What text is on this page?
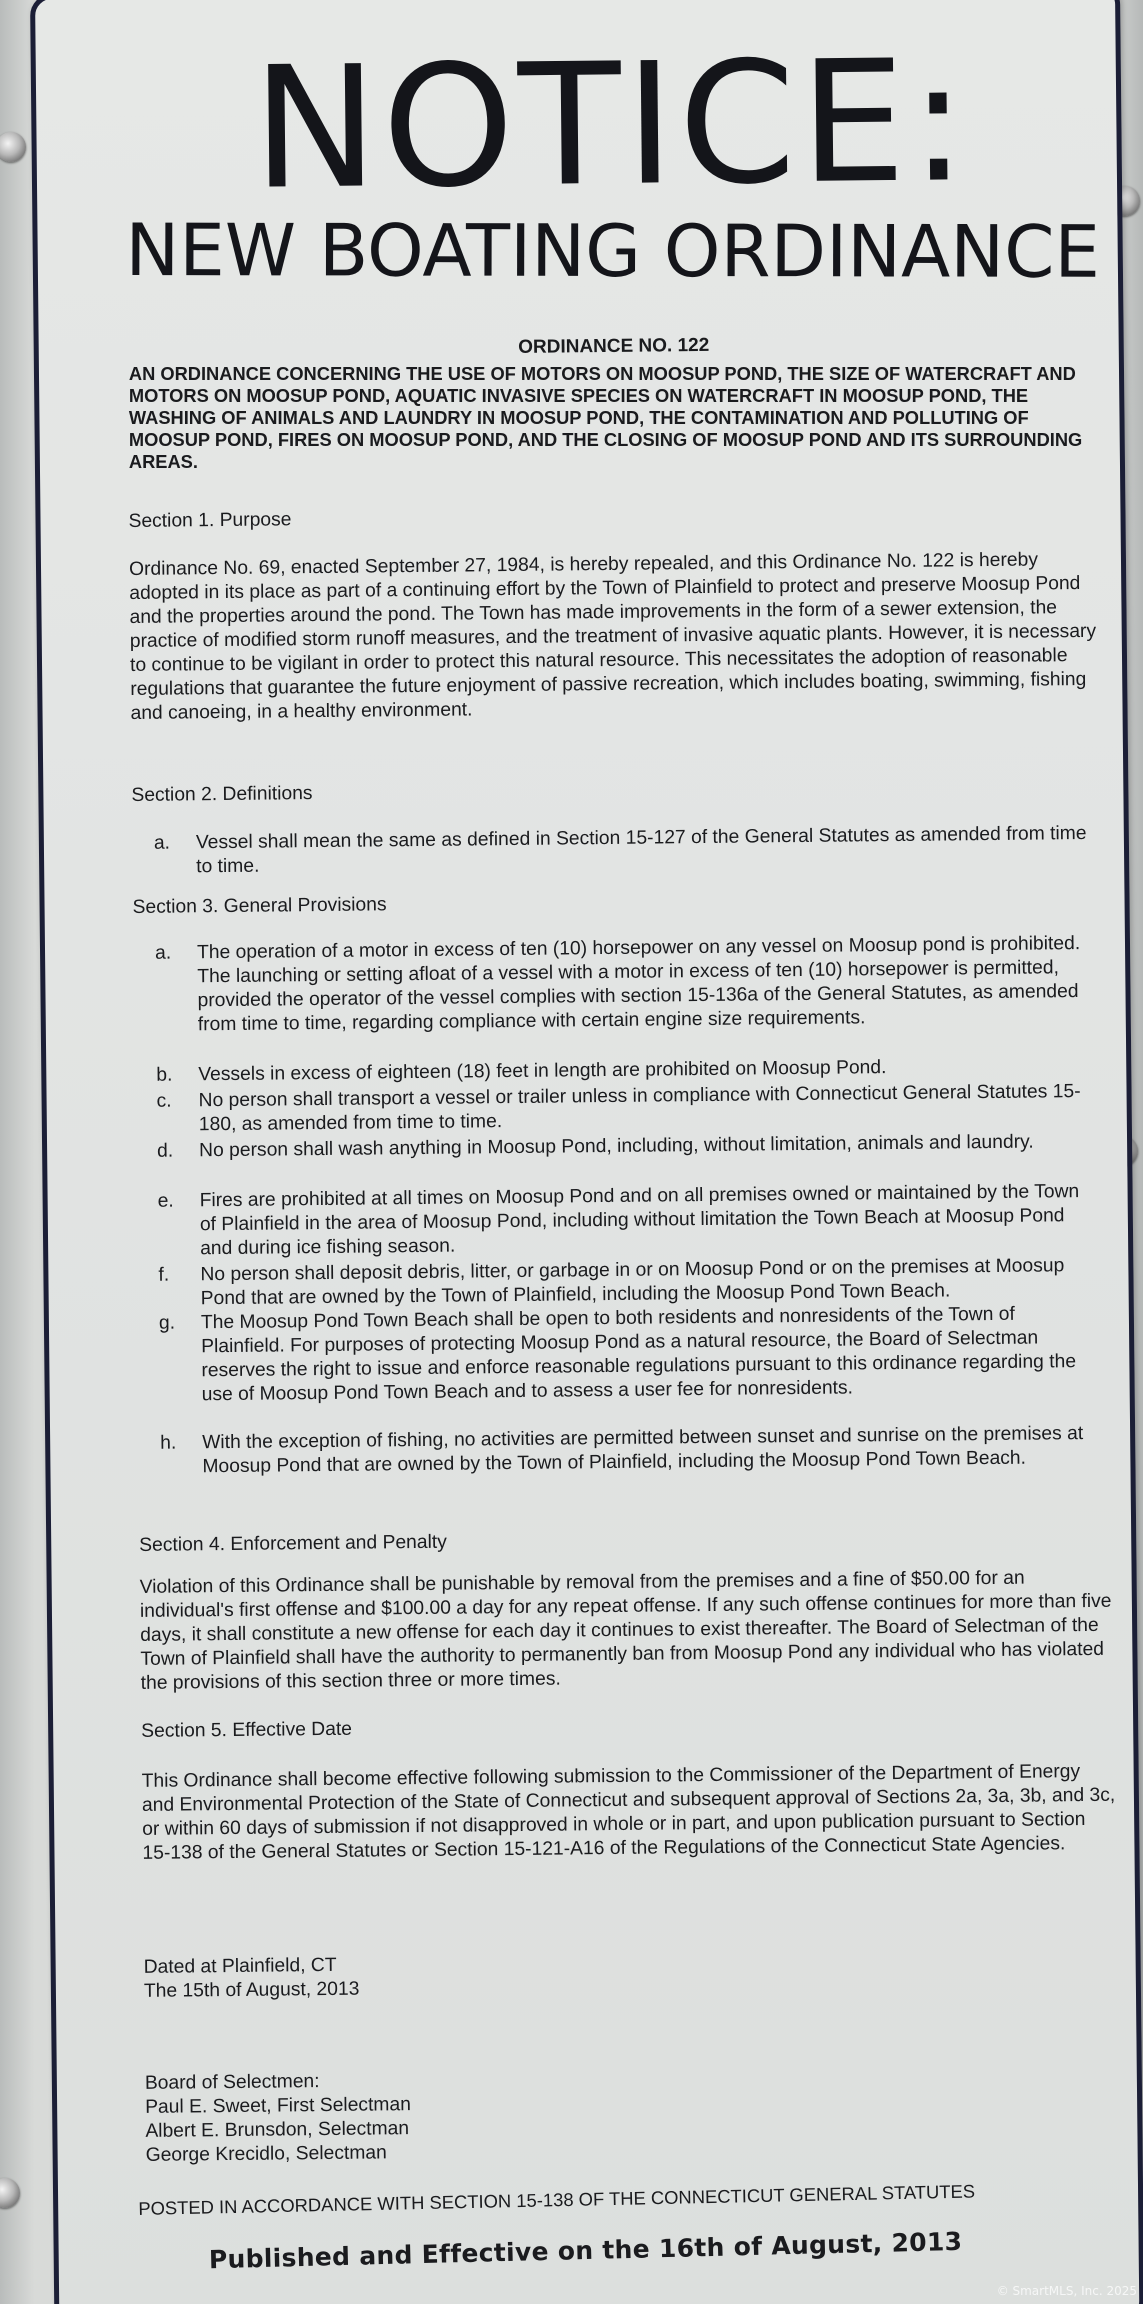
NOTICE:
NEW BOATING ORDINANCE
ORDINANCE NO. 122
AN ORDINANCE CONCERNING THE USE OF MOTORS ON MOOSUP POND, THE SIZE OF WATERCRAFT AND MOTORS ON MOOSUP POND, AQUATIC INVASIVE SPECIES ON WATERCRAFT IN MOOSUP POND, THE WASHING OF ANIMALS AND LAUNDRY IN MOOSUP POND, THE CONTAMINATION AND POLLUTING OF MOOSUP POND, FIRES ON MOOSUP POND, AND THE CLOSING OF MOOSUP POND AND ITS SURROUNDING AREAS.
Section 1. Purpose
Ordinance No. 69, enacted September 27, 1984, is hereby repealed, and this Ordinance No. 122 is hereby adopted in its place as part of a continuing effort by the Town of Plainfield to protect and preserve Moosup Pond and the properties around the pond. The Town has made improvements in the form of a sewer extension, the practice of modified storm runoff measures, and the treatment of invasive aquatic plants. However, it is necessary to continue to be vigilant in order to protect this natural resource. This necessitates the adoption of reasonable regulations that guarantee the future enjoyment of passive recreation, which includes boating, swimming, fishing and canoeing, in a healthy environment.
Section 2. Definitions
a.	Vessel shall mean the same as defined in Section 15-127 of the General Statutes as amended from time to time.
Section 3. General Provisions
a.	The operation of a motor in excess of ten (10) horsepower on any vessel on Moosup pond is prohibited. The launching or setting afloat of a vessel with a motor in excess of ten (10) horsepower is permitted, provided the operator of the vessel complies with section 15-136a of the General Statutes, as amended from time to time, regarding compliance with certain engine size requirements.
b.	Vessels in excess of eighteen (18) feet in length are prohibited on Moosup Pond.
c.	No person shall transport a vessel or trailer unless in compliance with Connecticut General Statutes 15-180, as amended from time to time.
d.	No person shall wash anything in Moosup Pond, including, without limitation, animals and laundry.
e.	Fires are prohibited at all times on Moosup Pond and on all premises owned or maintained by the Town of Plainfield in the area of Moosup Pond, including without limitation the Town Beach at Moosup Pond and during ice fishing season.
f.	No person shall deposit debris, litter, or garbage in or on Moosup Pond or on the premises at Moosup Pond that are owned by the Town of Plainfield, including the Moosup Pond Town Beach.
g.	The Moosup Pond Town Beach shall be open to both residents and nonresidents of the Town of Plainfield. For purposes of protecting Moosup Pond as a natural resource, the Board of Selectman reserves the right to issue and enforce reasonable regulations pursuant to this ordinance regarding the use of Moosup Pond Town Beach and to assess a user fee for nonresidents.
h.	With the exception of fishing, no activities are permitted between sunset and sunrise on the premises at Moosup Pond that are owned by the Town of Plainfield, including the Moosup Pond Town Beach.
Section 4. Enforcement and Penalty
Violation of this Ordinance shall be punishable by removal from the premises and a fine of $50.00 for an individual's first offense and $100.00 a day for any repeat offense. If any such offense continues for more than five days, it shall constitute a new offense for each day it continues to exist thereafter. The Board of Selectman of the Town of Plainfield shall have the authority to permanently ban from Moosup Pond any individual who has violated the provisions of this section three or more times.
Section 5. Effective Date
This Ordinance shall become effective following submission to the Commissioner of the Department of Energy and Environmental Protection of the State of Connecticut and subsequent approval of Sections 2a, 3a, 3b, and 3c, or within 60 days of submission if not disapproved in whole or in part, and upon publication pursuant to Section 15-138 of the General Statutes or Section 15-121-A16 of the Regulations of the Connecticut State Agencies.
Dated at Plainfield, CT
The 15th of August, 2013
Board of Selectmen:
Paul E. Sweet, First Selectman
Albert E. Brunsdon, Selectman
George Krecidlo, Selectman
POSTED IN ACCORDANCE WITH SECTION 15-138 OF THE CONNECTICUT GENERAL STATUTES
Published and Effective on the 16th of August, 2013
© SmartMLS, Inc. 2025
